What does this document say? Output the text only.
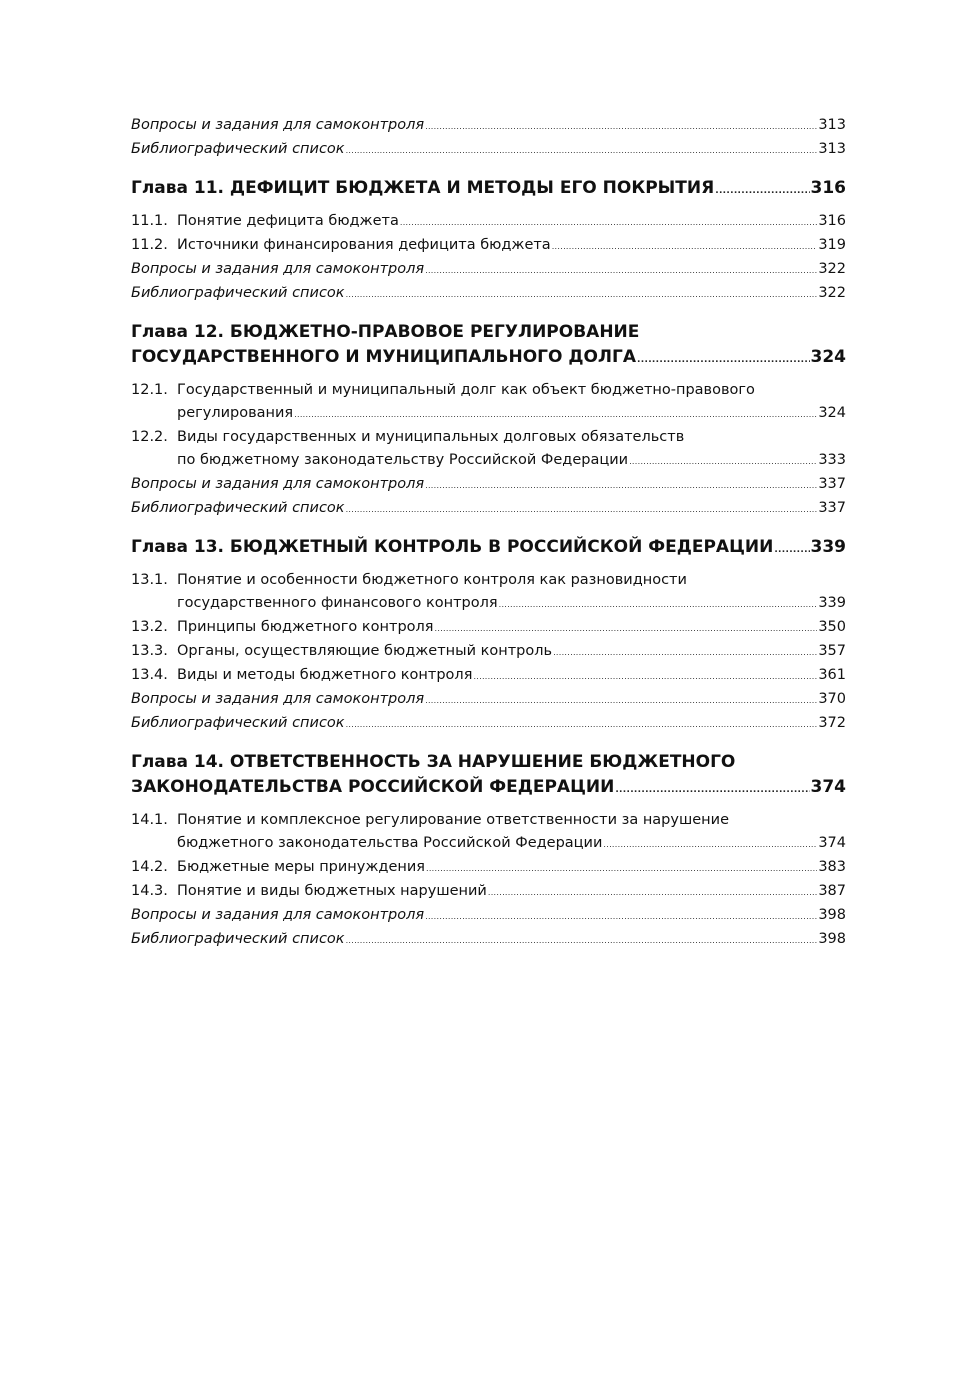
Вопросы и задания для самоконтроля .....	313
Библиографический список .....	313
Глава 11. ДЕФИЦИТ БЮДЖЕТА И МЕТОДЫ ЕГО ПОКРЫТИЯ .....	316
11.1. Понятие дефицита бюджета .....	316
11.2. Источники финансирования дефицита бюджета .....	319
Вопросы и задания для самоконтроля .....	322
Библиографический список .....	322
Глава 12. БЮДЖЕТНО-ПРАВОВОЕ РЕГУЛИРОВАНИЕ
ГОСУДАРСТВЕННОГО И МУНИЦИПАЛЬНОГО ДОЛГА .....	324
12.1. Государственный и муниципальный долг как объект бюджетно-правового
регулирования .....	324
12.2. Виды государственных и муниципальных долговых обязательств
по бюджетному законодательству Российской Федерации .....	333
Вопросы и задания для самоконтроля .....	337
Библиографический список .....	337
Глава 13. БЮДЖЕТНЫЙ КОНТРОЛЬ В РОССИЙСКОЙ ФЕДЕРАЦИИ ..... 339
13.1. Понятие и особенности бюджетного контроля как разновидности
государственного финансового контроля .....	339
13.2. Принципы бюджетного контроля .....	350
13.3. Органы, осуществляющие бюджетный контроль .....	357
13.4. Виды и методы бюджетного контроля .....	361
Вопросы и задания для самоконтроля .....	370
Библиографический список .....	372
Глава 14. ОТВЕТСТВЕННОСТЬ ЗА НАРУШЕНИЕ БЮДЖЕТНОГО
ЗАКОНОДАТЕЛЬСТВА РОССИЙСКОЙ ФЕДЕРАЦИИ .....	374
14.1. Понятие и комплексное регулирование ответственности за нарушение
бюджетного законодательства Российской Федерации .....	374
14.2. Бюджетные меры принуждения .....	383
14.3. Понятие и виды бюджетных нарушений .....	387
Вопросы и задания для самоконтроля .....	398
Библиографический список .....	398
